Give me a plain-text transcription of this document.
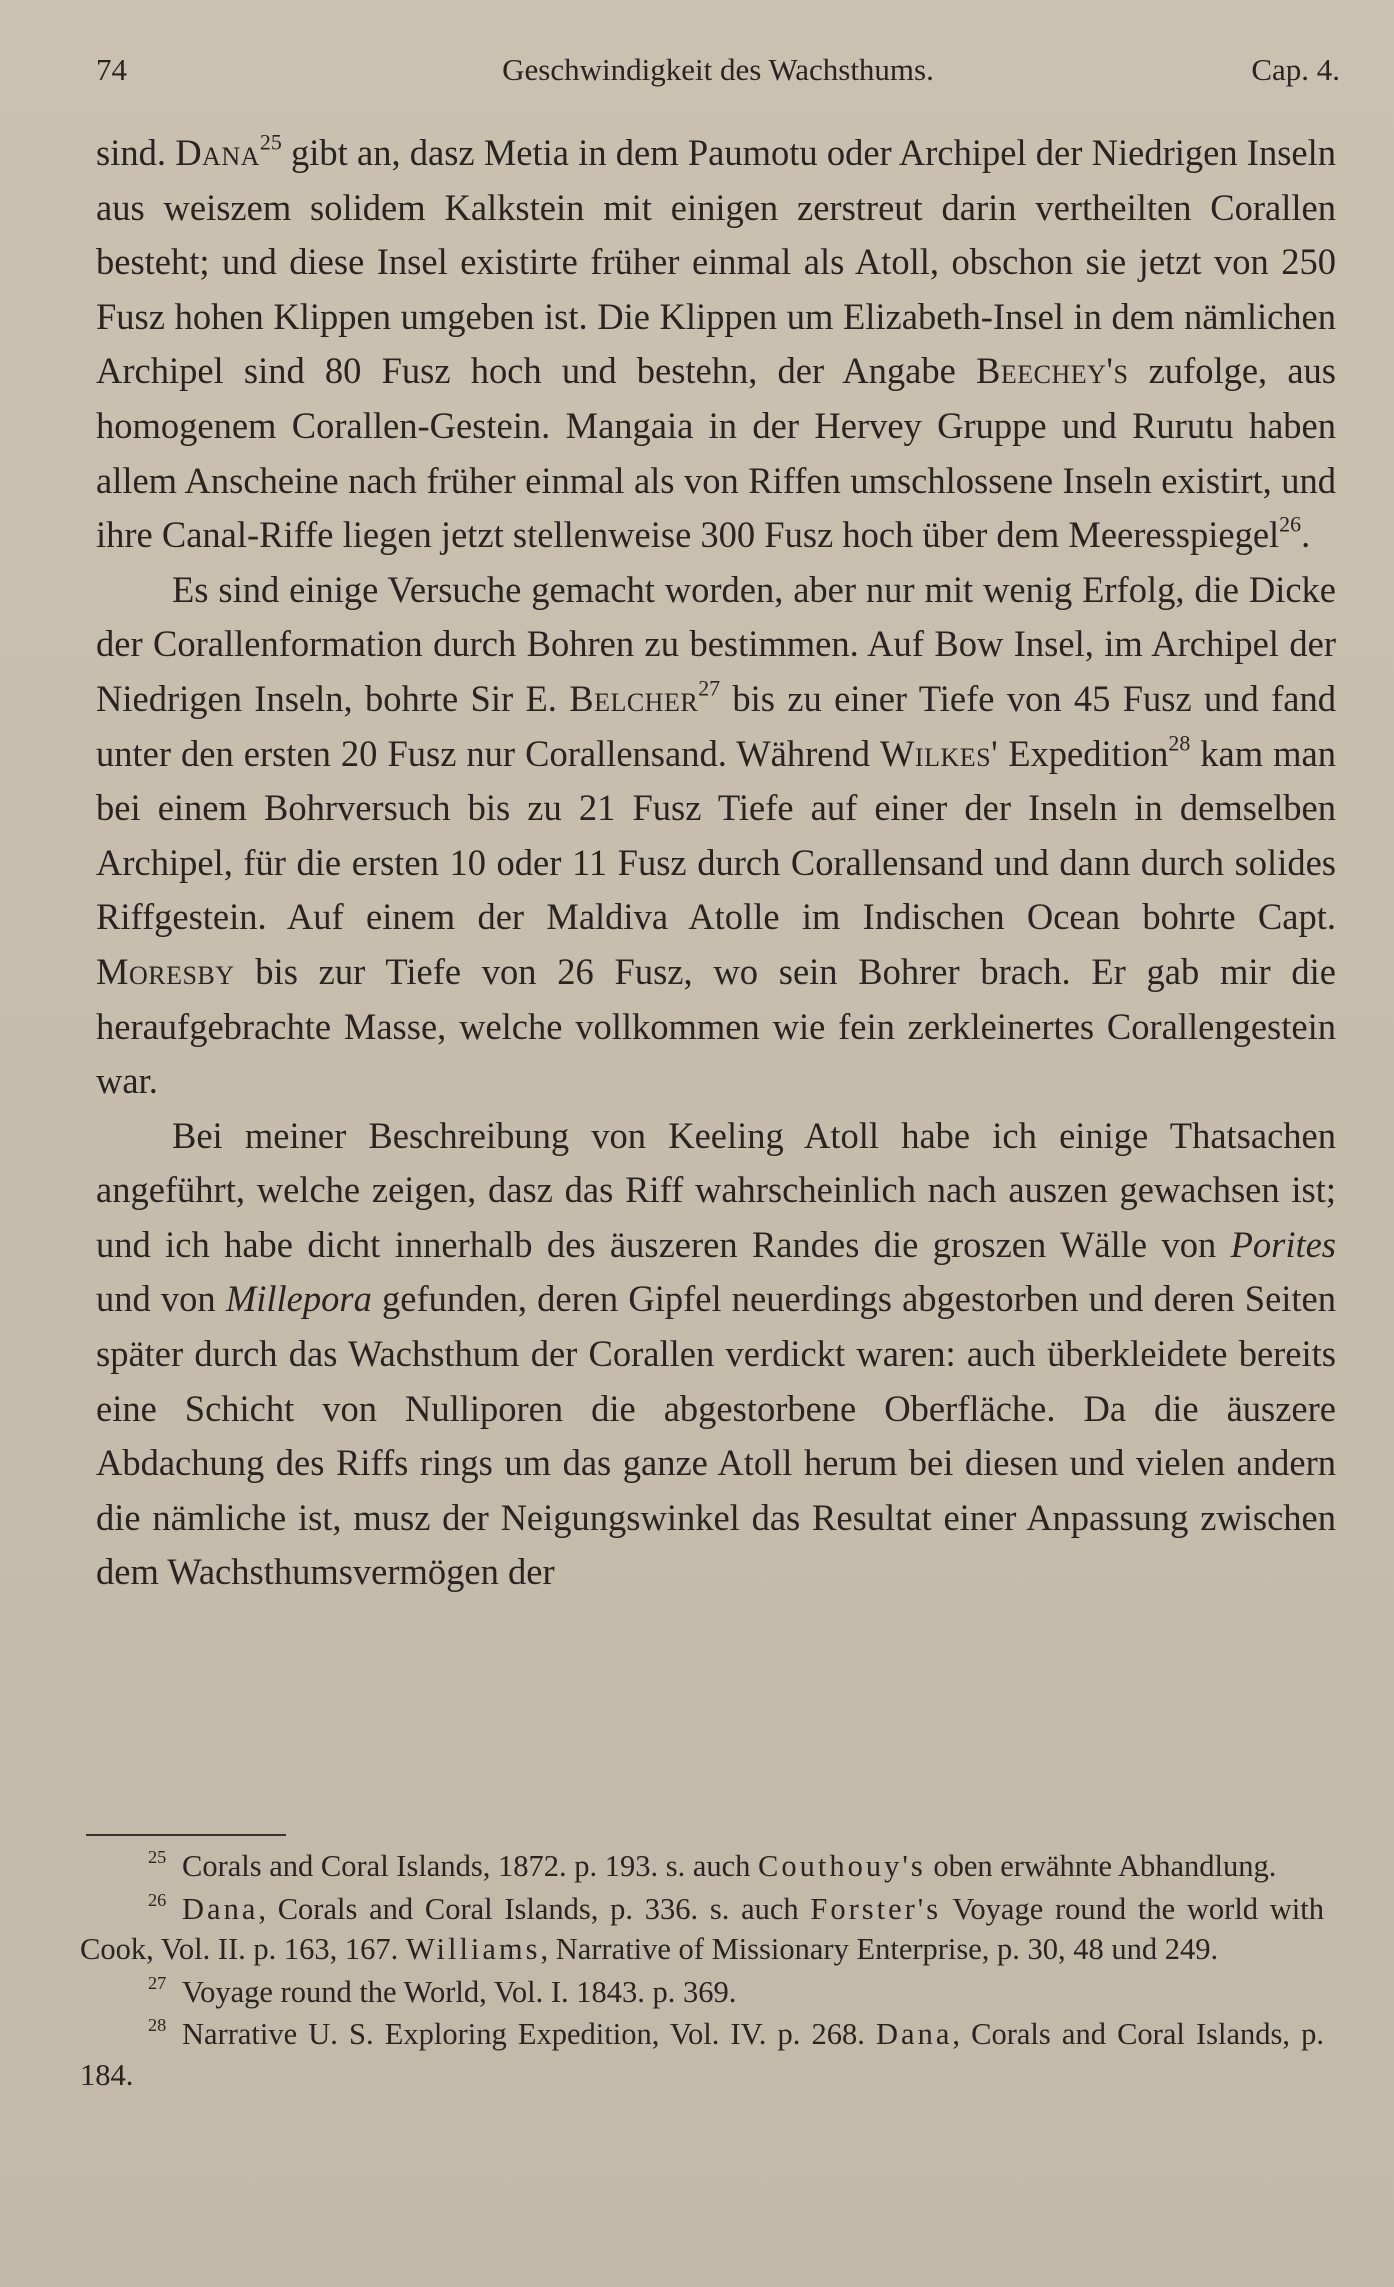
74	Geschwindigkeit des Wachsthums.	Cap. 4.

sind. Dana$^{25}$ gibt an, dasz Metia in dem Paumotu oder Archipel der Niedrigen Inseln aus weiszem solidem Kalkstein mit einigen zerstreut darin vertheilten Corallen besteht; und diese Insel existirte früher einmal als Atoll, obschon sie jetzt von 250 Fusz hohen Klippen umgeben ist. Die Klippen um Elizabeth-Insel in dem nämlichen Archipel sind 80 Fusz hoch und bestehn, der Angabe Beechey's zufolge, aus homogenem Corallen-Gestein. Mangaia in der Hervey Gruppe und Rurutu haben allem Anscheine nach früher einmal als von Riffen umschlossene Inseln existirt, und ihre Canal-Riffe liegen jetzt stellenweise 300 Fusz hoch über dem Meeresspiegel$^{26}$.

Es sind einige Versuche gemacht worden, aber nur mit wenig Erfolg, die Dicke der Corallenformation durch Bohren zu bestimmen. Auf Bow Insel, im Archipel der Niedrigen Inseln, bohrte Sir E. Belcher$^{27}$ bis zu einer Tiefe von 45 Fusz und fand unter den ersten 20 Fusz nur Corallensand. Während Wilkes' Expedition$^{28}$ kam man bei einem Bohrversuch bis zu 21 Fusz Tiefe auf einer der Inseln in demselben Archipel, für die ersten 10 oder 11 Fusz durch Corallensand und dann durch solides Riffgestein. Auf einem der Maldiva Atolle im Indischen Ocean bohrte Capt. Moresby bis zur Tiefe von 26 Fusz, wo sein Bohrer brach. Er gab mir die heraufgebrachte Masse, welche vollkommen wie fein zerkleinertes Corallengestein war.

Bei meiner Beschreibung von Keeling Atoll habe ich einige Thatsachen angeführt, welche zeigen, dasz das Riff wahrscheinlich nach auszen gewachsen ist; und ich habe dicht innerhalb des äuszeren Randes die groszen Wälle von Porites und von Millepora gefunden, deren Gipfel neuerdings abgestorben und deren Seiten später durch das Wachsthum der Corallen verdickt waren: auch überkleidete bereits eine Schicht von Nulliporen die abgestorbene Oberfläche. Da die äuszere Abdachung des Riffs rings um das ganze Atoll herum bei diesen und vielen andern die nämliche ist, musz der Neigungswinkel das Resultat einer Anpassung zwischen dem Wachsthumsvermögen der

$^{25}$ Corals and Coral Islands, 1872. p. 193. s. auch Couthouy's oben erwähnte Abhandlung.

$^{26}$ Dana, Corals and Coral Islands, p. 336. s. auch Forster's Voyage round the world with Cook, Vol. II. p. 163, 167. Williams, Narrative of Missionary Enterprise, p. 30, 48 und 249.

$^{27}$ Voyage round the World, Vol. I. 1843. p. 369.

$^{28}$ Narrative U. S. Exploring Expedition, Vol. IV. p. 268. Dana, Corals and Coral Islands, p. 184.
